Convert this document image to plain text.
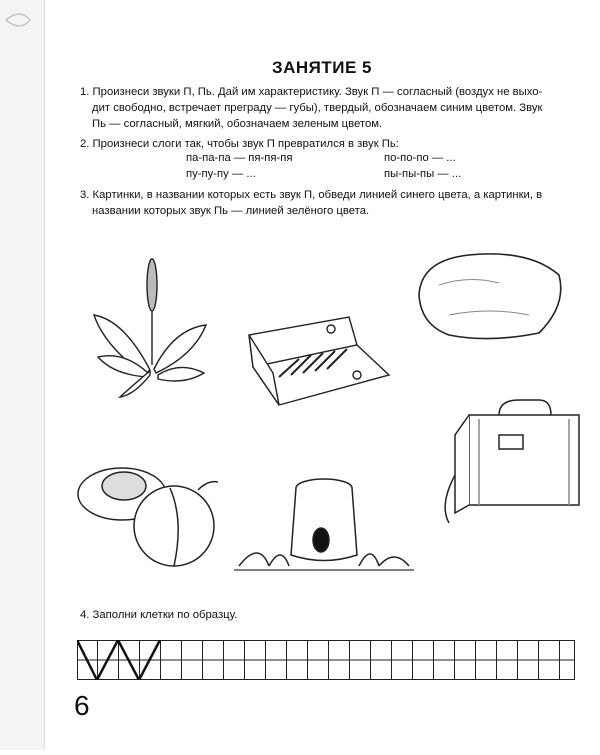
ЗАНЯТИЕ 5
1. Произнеси звуки П, Пь. Дай им характеристику. Звук П — согласный (воздух не выхо-
дит свободно, встречает преграду — губы), твердый, обозначаем синим цветом. Звук
Пь — согласный, мягкий, обозначаем зеленым цветом.
2. Произнеси слоги так, чтобы звук П превратился в звук Пь:
па-па-па — пя-пя-пя	по-по-по — ...
пу-пу-пу — ...	пы-пы-пы — ...
3. Картинки, в названии которых есть звук П, обведи линией синего цвета, а картинки, в
названии которых звук Пь — линией зелёного цвета.
4. Заполни клетки по образцу.
6
